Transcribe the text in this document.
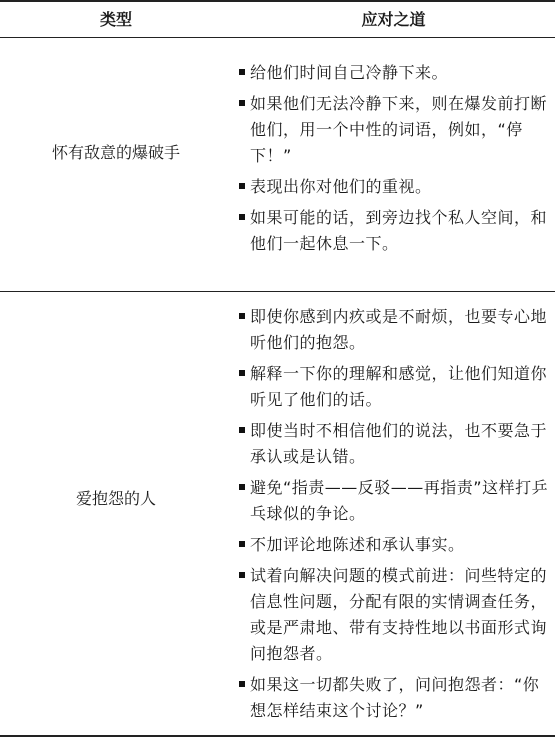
类型	应对之道
怀有敌意的爆破手
给他们时间自己冷静下来。
如果他们无法冷静下来，则在爆发前打断他们，用一个中性的词语，例如，“停下！”
表现出你对他们的重视。
如果可能的话，到旁边找个私人空间，和他们一起休息一下。
爱抱怨的人
即使你感到内疚或是不耐烦，也要专心地听他们的抱怨。
解释一下你的理解和感觉，让他们知道你听见了他们的话。
即使当时不相信他们的说法，也不要急于承认或是认错。
避免“指责——反驳——再指责”这样打乒乓球似的争论。
不加评论地陈述和承认事实。
试着向解决问题的模式前进：问些特定的信息性问题，分配有限的实情调查任务，或是严肃地、带有支持性地以书面形式询问抱怨者。
如果这一切都失败了，问问抱怨者：“你想怎样结束这个讨论？”
